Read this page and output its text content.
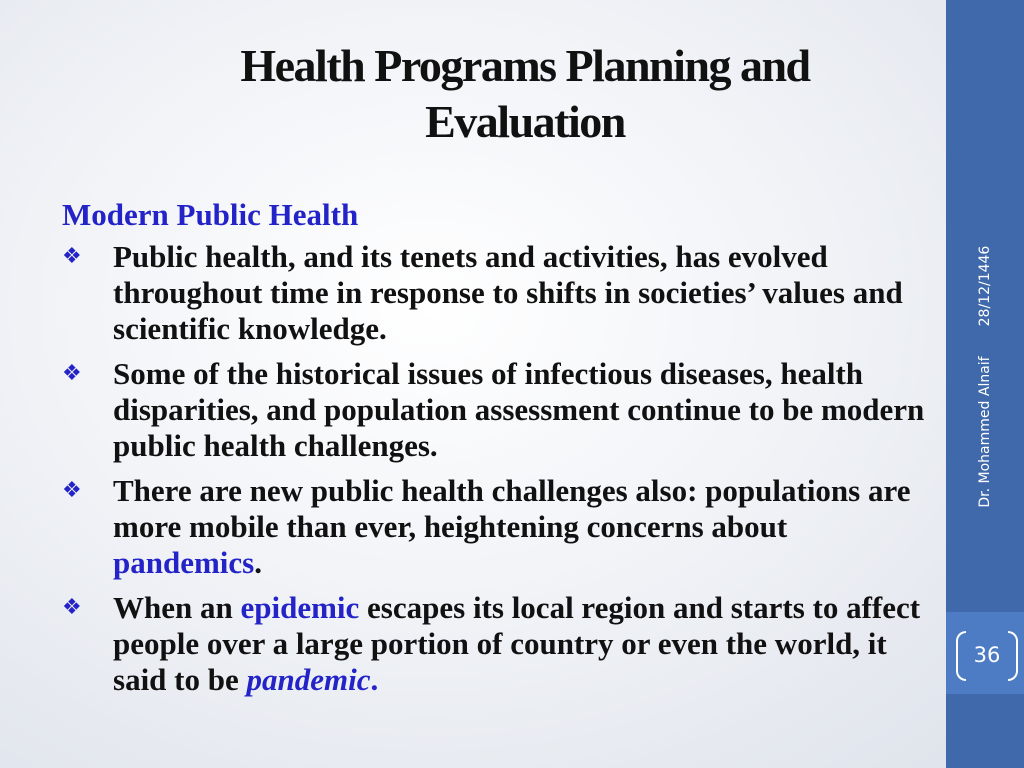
Health Programs Planning and
Evaluation
Modern Public Health
❖ Public health, and its tenets and activities, has evolved throughout time in response to shifts in societies’ values and scientific knowledge.
❖ Some of the historical issues of infectious diseases, health disparities, and population assessment continue to be modern public health challenges.
❖ There are new public health challenges also: populations are more mobile than ever, heightening concerns about pandemics.
❖ When an epidemic escapes its local region and starts to affect people over a large portion of country or even the world, it said to be pandemic.
28/12/1446
Dr. Mohammed Alnaif
36
